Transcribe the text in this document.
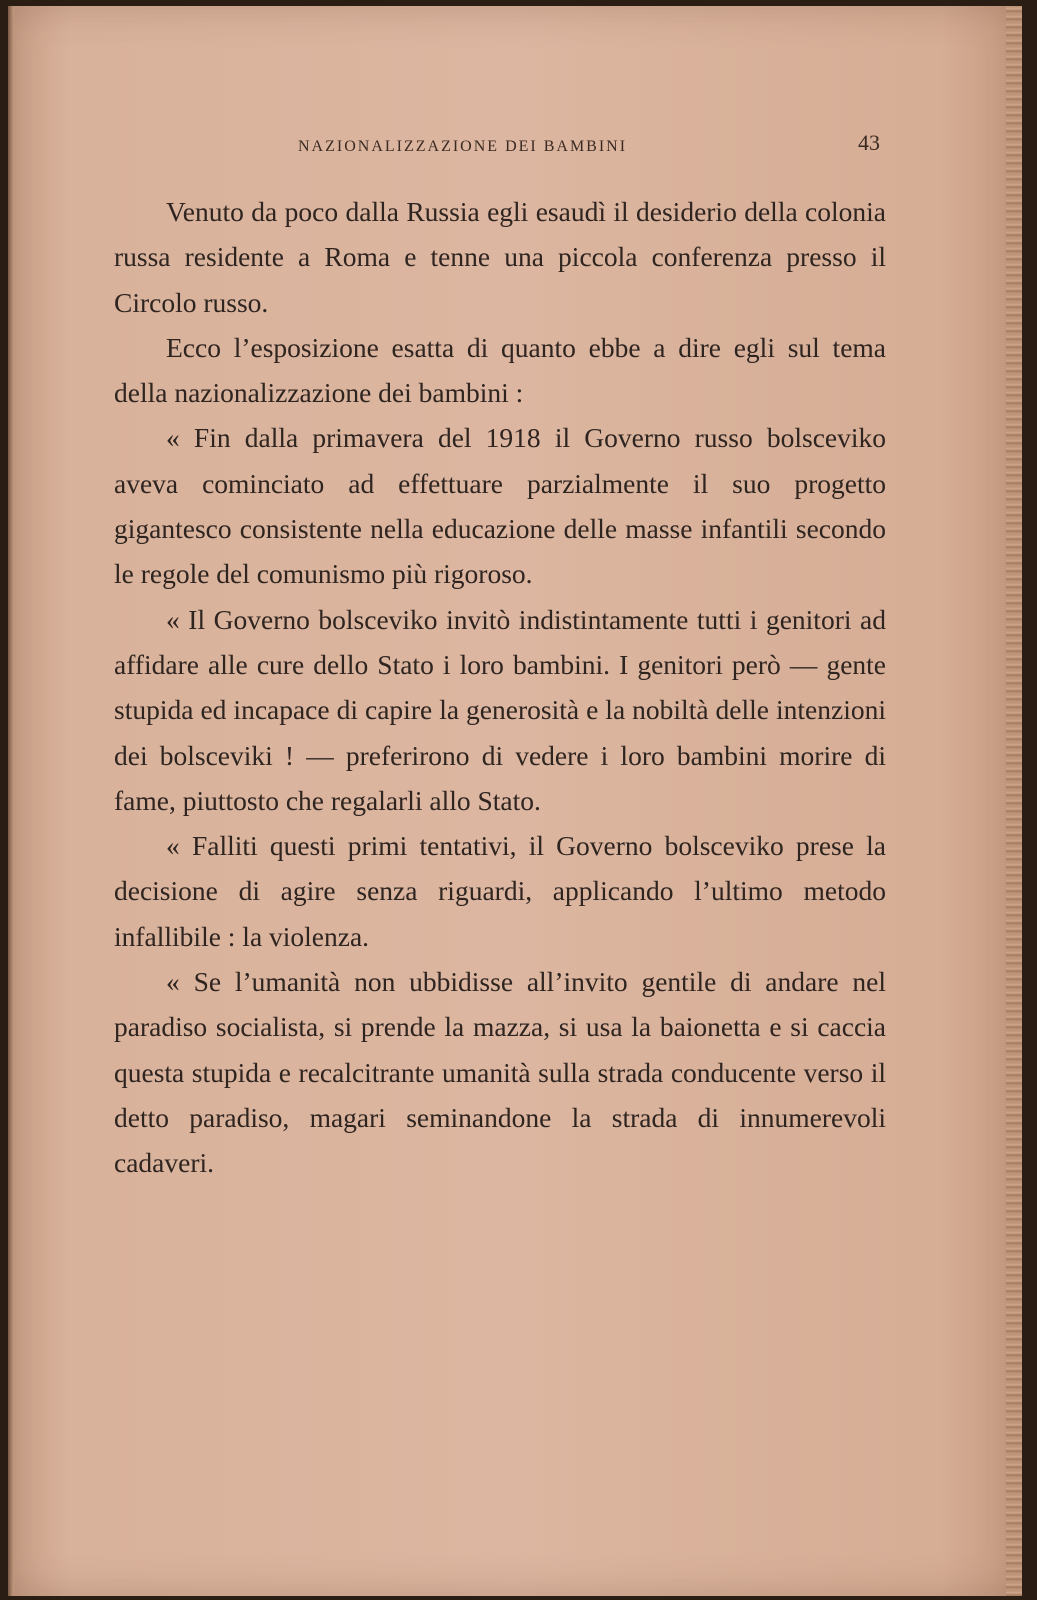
NAZIONALIZZAZIONE DEI BAMBINI	43

Venuto da poco dalla Russia egli esaudì il desiderio della colonia russa residente a Roma e tenne una piccola conferenza presso il Circolo russo.

Ecco l’esposizione esatta di quanto ebbe a dire egli sul tema della nazionalizzazione dei bambini :

« Fin dalla primavera del 1918 il Governo russo bolsceviko aveva cominciato ad effettuare parzialmente il suo progetto gigantesco consistente nella educazione delle masse infantili secondo le regole del comunismo più rigoroso.

« Il Governo bolsceviko invitò indistintamente tutti i genitori ad affidare alle cure dello Stato i loro bambini. I genitori però — gente stupida ed incapace di capire la generosità e la nobiltà delle intenzioni dei bolsceviki ! — preferirono di vedere i loro bambini morire di fame, piuttosto che regalarli allo Stato.

« Falliti questi primi tentativi, il Governo bolsceviko prese la decisione di agire senza riguardi, applicando l’ultimo metodo infallibile : la violenza.

« Se l’umanità non ubbidisse all’invito gentile di andare nel paradiso socialista, si prende la mazza, si usa la baionetta e si caccia questa stupida e recalcitrante umanità sulla strada conducente verso il detto paradiso, magari seminandone la strada di innumerevoli cadaveri.
